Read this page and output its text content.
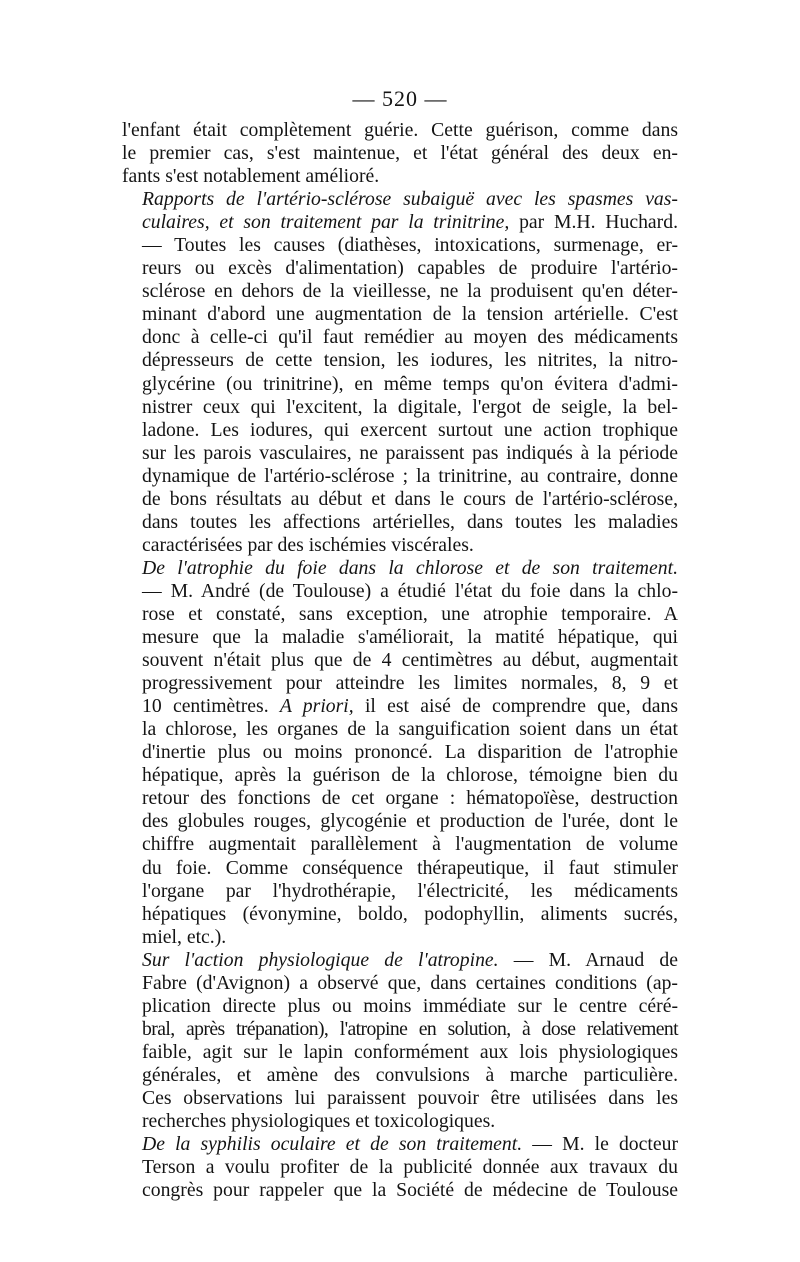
— 520 —

l'enfant était complètement guérie. Cette guérison, comme dans
le premier cas, s'est maintenue, et l'état général des deux en-
fants s'est notablement amélioré.

Rapports de l'artério-sclérose subaiguë avec les spasmes vas-
culaires, et son traitement par la trinitrine, par M.H. Huchard.
— Toutes les causes (diathèses, intoxications, surmenage, er-
reurs ou excès d'alimentation) capables de produire l'artério-
sclérose en dehors de la vieillesse, ne la produisent qu'en déter-
minant d'abord une augmentation de la tension artérielle. C'est
donc à celle-ci qu'il faut remédier au moyen des médicaments
dépresseurs de cette tension, les iodures, les nitrites, la nitro-
glycérine (ou trinitrine), en même temps qu'on évitera d'admi-
nistrer ceux qui l'excitent, la digitale, l'ergot de seigle, la bel-
ladone. Les iodures, qui exercent surtout une action trophique
sur les parois vasculaires, ne paraissent pas indiqués à la période
dynamique de l'artério-sclérose ; la trinitrine, au contraire, donne
de bons résultats au début et dans le cours de l'artério-sclérose,
dans toutes les affections artérielles, dans toutes les maladies
caractérisées par des ischémies viscérales.

De l'atrophie du foie dans la chlorose et de son traitement.
— M. André (de Toulouse) a étudié l'état du foie dans la chlo-
rose et constaté, sans exception, une atrophie temporaire. A
mesure que la maladie s'améliorait, la matité hépatique, qui
souvent n'était plus que de 4 centimètres au début, augmentait
progressivement pour atteindre les limites normales, 8, 9 et
10 centimètres. A priori, il est aisé de comprendre que, dans
la chlorose, les organes de la sanguification soient dans un état
d'inertie plus ou moins prononcé. La disparition de l'atrophie
hépatique, après la guérison de la chlorose, témoigne bien du
retour des fonctions de cet organe : hématopoïèse, destruction
des globules rouges, glycogénie et production de l'urée, dont le
chiffre augmentait parallèlement à l'augmentation de volume
du foie. Comme conséquence thérapeutique, il faut stimuler
l'organe par l'hydrothérapie, l'électricité, les médicaments
hépatiques (évonymine, boldo, podophyllin, aliments sucrés,
miel, etc.).

Sur l'action physiologique de l'atropine. — M. Arnaud de
Fabre (d'Avignon) a observé que, dans certaines conditions (ap-
plication directe plus ou moins immédiate sur le centre céré-
bral, après trépanation), l'atropine en solution, à dose relativement
faible, agit sur le lapin conformément aux lois physiologiques
générales, et amène des convulsions à marche particulière.
Ces observations lui paraissent pouvoir être utilisées dans les
recherches physiologiques et toxicologiques.

De la syphilis oculaire et de son traitement. — M. le docteur
Terson a voulu profiter de la publicité donnée aux travaux du
congrès pour rappeler que la Société de médecine de Toulouse
